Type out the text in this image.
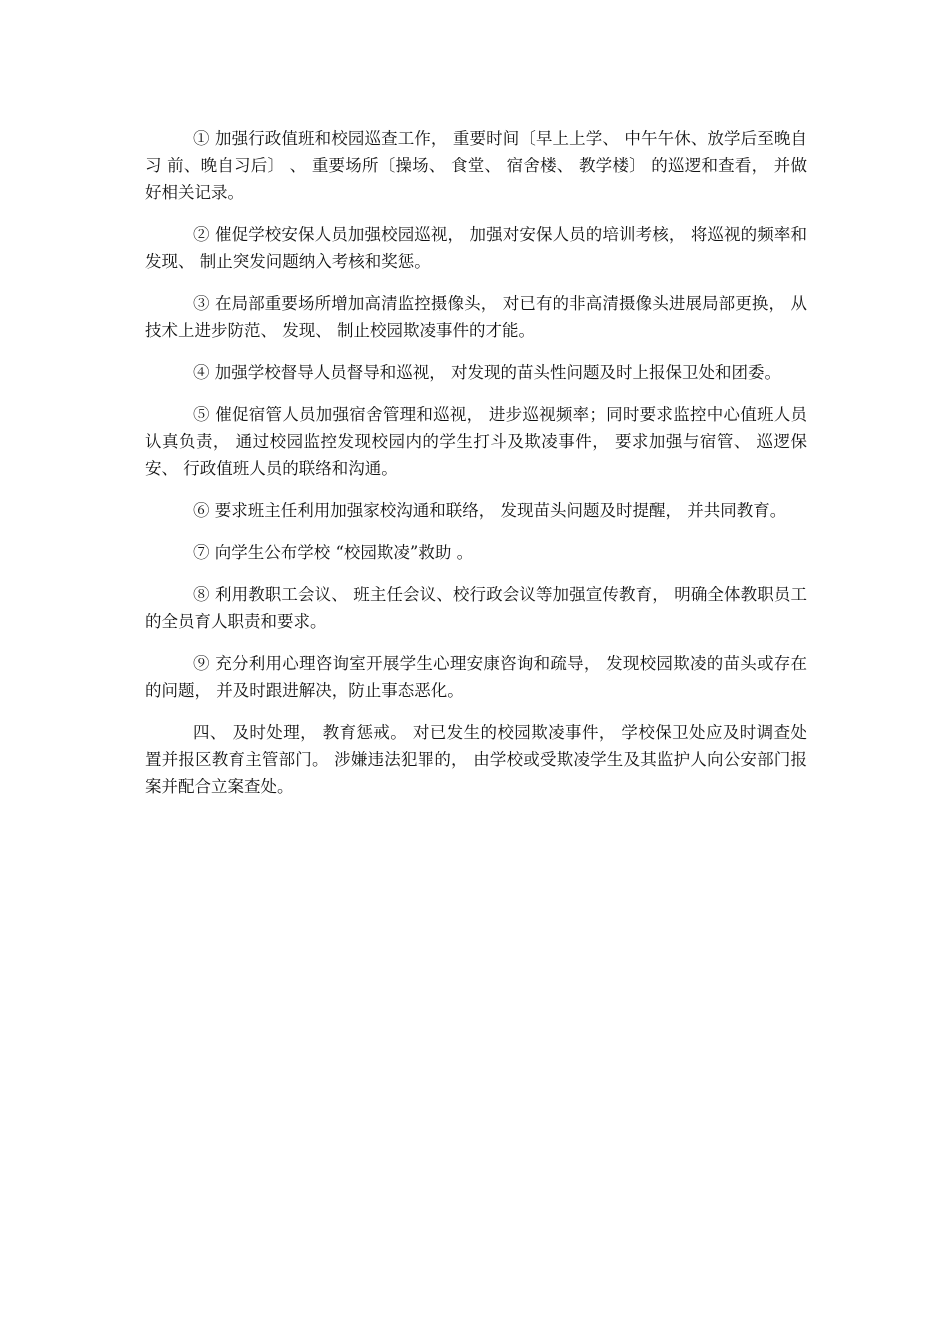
① 加强行政值班和校园巡查工作， 重要时间〔早上上学、 中午午休、放学后至晚自习 前、晚自习后〕 、 重要场所〔操场、 食堂、 宿舍楼、 教学楼〕 的巡逻和查看， 并做好相关记录。

② 催促学校安保人员加强校园巡视， 加强对安保人员的培训考核， 将巡视的频率和发现、 制止突发问题纳入考核和奖惩。

③ 在局部重要场所增加高清监控摄像头， 对已有的非高清摄像头进展局部更换， 从技术上进步防范、 发现、 制止校园欺凌事件的才能。

④ 加强学校督导人员督导和巡视， 对发现的苗头性问题及时上报保卫处和团委。

⑤ 催促宿管人员加强宿舍管理和巡视， 进步巡视频率；同时要求监控中心值班人员认真负责， 通过校园监控发现校园内的学生打斗及欺凌事件， 要求加强与宿管、 巡逻保安、 行政值班人员的联络和沟通。

⑥ 要求班主任利用加强家校沟通和联络， 发现苗头问题及时提醒， 并共同教育。

⑦ 向学生公布学校 “校园欺凌”救助 。

⑧ 利用教职工会议、 班主任会议、校行政会议等加强宣传教育， 明确全体教职员工的全员育人职责和要求。

⑨ 充分利用心理咨询室开展学生心理安康咨询和疏导， 发现校园欺凌的苗头或存在的问题， 并及时跟进解决，防止事态恶化。

四、 及时处理， 教育惩戒。 对已发生的校园欺凌事件， 学校保卫处应及时调查处置并报区教育主管部门。 涉嫌违法犯罪的， 由学校或受欺凌学生及其监护人向公安部门报案并配合立案查处。
